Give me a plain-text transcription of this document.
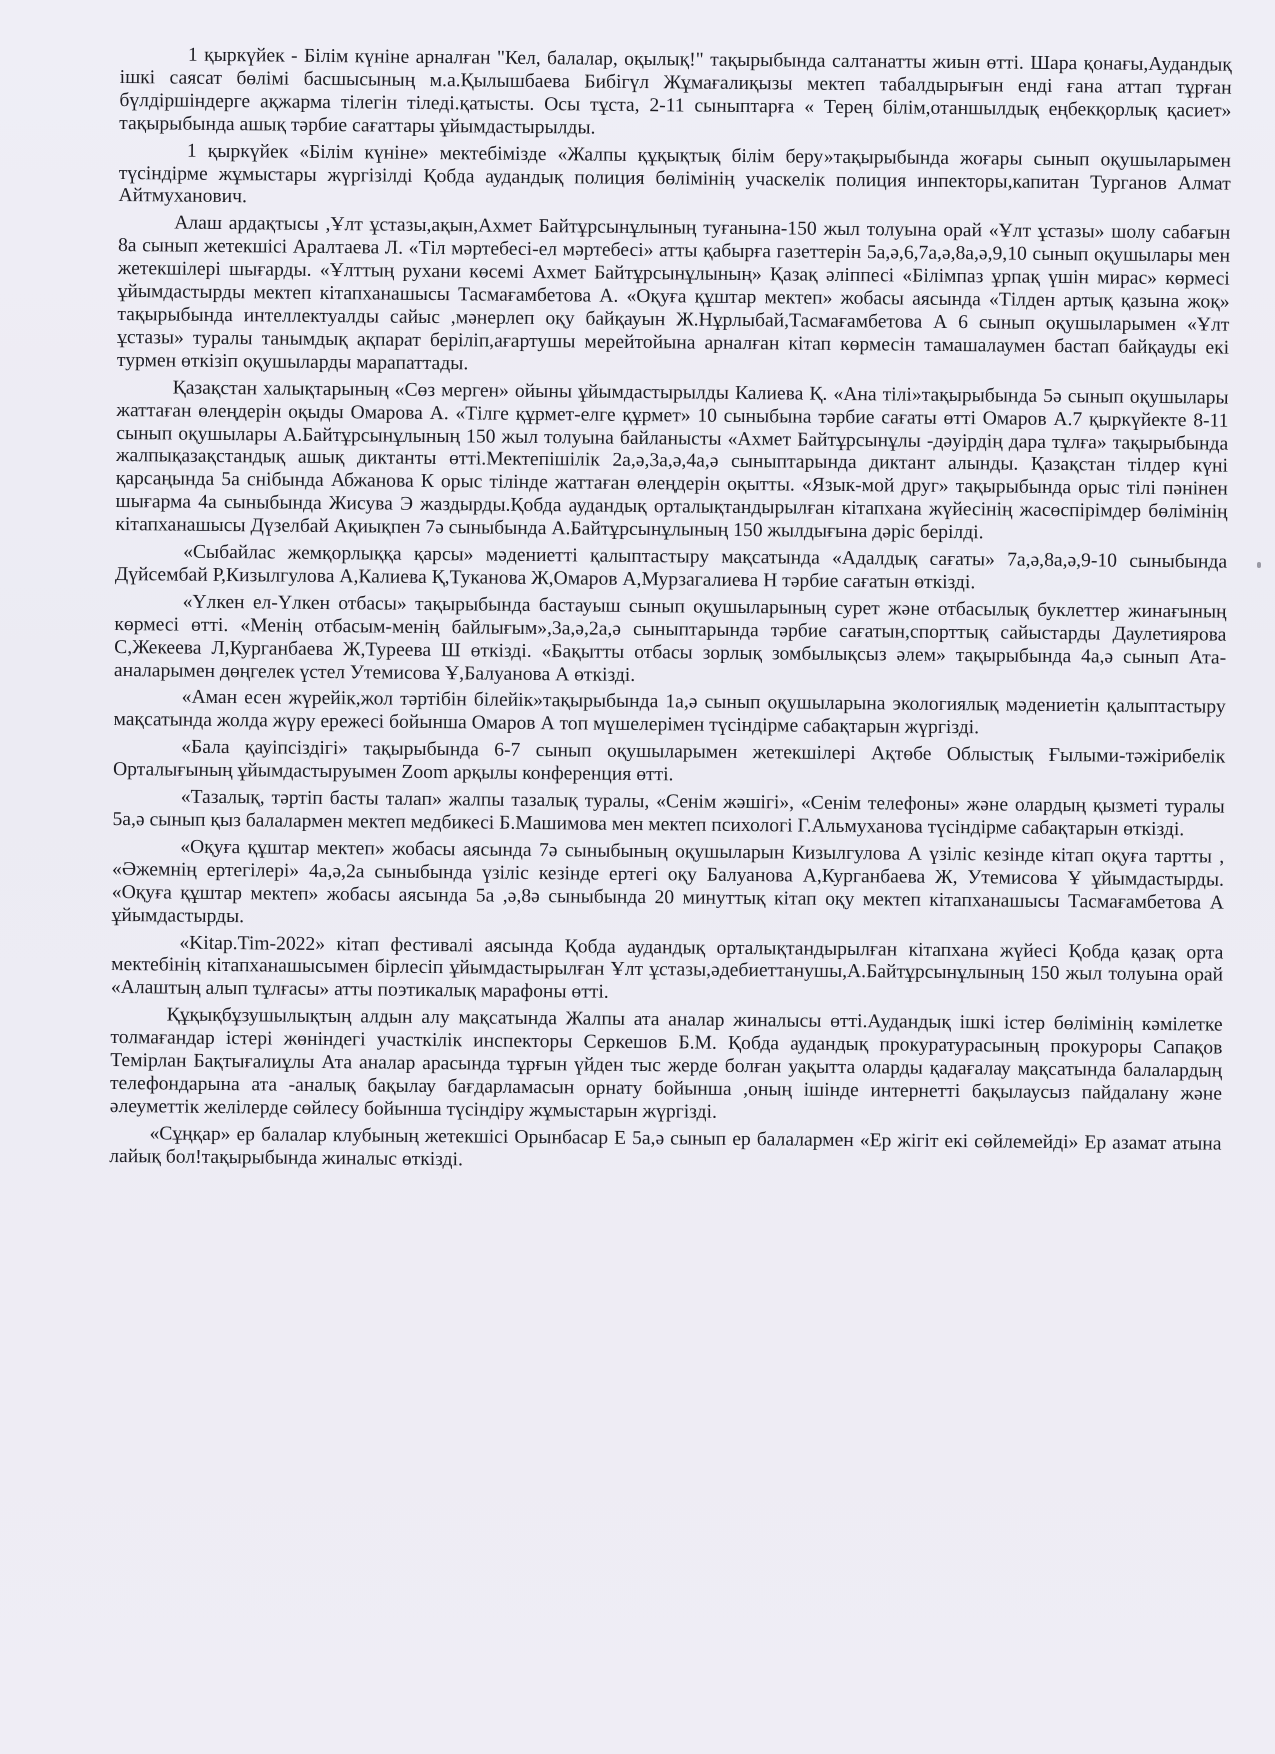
1 қыркүйек - Білім күніне арналған "Кел, балалар, оқылық!" тақырыбында салтанатты жиын өтті. Шара қонағы,Аудандық ішкі саясат бөлімі басшысының м.а.Қылышбаева Бибігүл Жұмағалиқызы мектеп табалдырығын енді ғана аттап тұрған бүлдіршіндерге ақжарма тілегін тіледі.қатысты. Осы тұста, 2-11 сыныптарға « Терең білім,отаншылдық еңбекқорлық қасиет» тақырыбында ашық тәрбие сағаттары ұйымдастырылды.

1 қыркүйек «Білім күніне» мектебімізде «Жалпы құқықтық білім беру»тақырыбында жоғары сынып оқушыларымен түсіндірме жұмыстары жүргізілді Қобда аудандық полиция бөлімінің учаскелік полиция инпекторы,капитан Турганов Алмат Айтмуханович.

Алаш ардақтысы ,Ұлт ұстазы,ақын,Ахмет Байтұрсынұлының туғанына-150 жыл толуына орай «Ұлт ұстазы» шолу сабағын 8а сынып жетекшісі Аралтаева Л. «Тіл мәртебесі-ел мәртебесі» атты қабырға газеттерін 5а,ә,6,7а,ә,8а,ә,9,10 сынып оқушылары мен жетекшілері шығарды. «Ұлттың рухани көсемі Ахмет Байтұрсынұлының» Қазақ әліппесі «Білімпаз ұрпақ үшін мирас» көрмесі ұйымдастырды мектеп кітапханашысы Тасмағамбетова А. «Оқуға құштар мектеп» жобасы аясында «Тілден артық қазына жоқ» тақырыбында интеллектуалды сайыс ,мәнерлеп оқу байқауын Ж.Нұрлыбай,Тасмағамбетова А 6 сынып оқушыларымен «Ұлт ұстазы» туралы танымдық ақпарат беріліп,ағартушы мерейтойына арналған кітап көрмесін тамашалаумен бастап байқауды екі турмен өткізіп оқушыларды марапаттады.

Қазақстан халықтарының «Сөз мерген» ойыны ұйымдастырылды Калиева Қ. «Ана тілі»тақырыбында 5ә сынып оқушылары жаттаған өлеңдерін оқыды Омарова А. «Тілге құрмет-елге құрмет» 10 сыныбына тәрбие сағаты өтті Омаров А.7 қыркүйекте 8-11 сынып оқушылары А.Байтұрсынұлының 150 жыл толуына байланысты «Ахмет Байтұрсынұлы -дәуірдің дара тұлға» тақырыбында жалпықазақстандық ашық диктанты өтті.Мектепішілік 2а,ә,3а,ә,4а,ә сыныптарында диктант алынды. Қазақстан тілдер күні қарсаңында 5а снiбында Абжанова К орыс тілінде жаттаған өлеңдерін оқытты. «Язык-мой друг» тақырыбында орыс тілі пәнінен шығарма 4а сыныбында Жисува Э жаздырды.Қобда аудандық орталықтандырылған кітапхана жүйесінің жасөспірімдер бөлімінің кітапханашысы Дүзелбай Ақиықпен 7ә сыныбында А.Байтұрсынұлының 150 жылдығына дәріс берілді.

«Сыбайлас жемқорлыққа қарсы» мәдениетті қалыптастыру мақсатында «Адалдық сағаты» 7а,ә,8а,ә,9-10 сыныбында Дүйсембай Р,Кизылгулова А,Калиева Қ,Туканова Ж,Омаров А,Мурзагалиева Н тәрбие сағатын өткізді.

«Үлкен ел-Үлкен отбасы» тақырыбында бастауыш сынып оқушыларының сурет және отбасылық буклеттер жинағының көрмесі өтті. «Менің отбасым-менің байлығым»,3а,ә,2а,ә сыныптарында тәрбие сағатын,спорттық сайыстарды Даулетиярова С,Жекеева Л,Курганбаева Ж,Туреева Ш өткізді. «Бақытты отбасы зорлық зомбылықсыз әлем» тақырыбында 4а,ә сынып Ата-аналарымен дөңгелек үстел Утемисова Ұ,Балуанова А өткізді.

«Аман есен жүрейік,жол тәртібін білейік»тақырыбында 1а,ә сынып оқушыларына экологиялық мәдениетін қалыптастыру мақсатында жолда жүру ережесі бойынша Омаров А топ мүшелерімен түсіндірме сабақтарын жүргізді.

«Бала қауіпсіздігі» тақырыбында 6-7 сынып оқушыларымен жетекшілері Ақтөбе Облыстық Ғылыми-тәжірибелік Орталығының ұйымдастыруымен Zoom арқылы конференция өтті.

«Тазалық, тәртіп басты талап» жалпы тазалық туралы, «Сенім жәшігі», «Сенім телефоны» және олардың қызметі туралы 5а,ә сынып қыз балалармен мектеп медбикесі Б.Машимова мен мектеп психологі Г.Альмуханова түсіндірме сабақтарын өткізді.

«Оқуға құштар мектеп» жобасы аясында 7ә сыныбының оқушыларын Кизылгулова А үзіліс кезінде кітап оқуға тартты , «Әжемнің ертегілері» 4а,ә,2а сыныбында үзіліс кезінде ертегі оқу Балуанова А,Курганбаева Ж, Утемисова Ұ ұйымдастырды. «Оқуға құштар мектеп» жобасы аясында 5а ,ә,8ә сыныбында 20 минуттық кітап оқу мектеп кітапханашысы Тасмағамбетова А ұйымдастырды.

«Kitap.Tim-2022» кітап фестивалі аясында Қобда аудандық орталықтандырылған кітапхана жүйесі Қобда қазақ орта мектебінің кітапханашысымен бірлесіп ұйымдастырылған Ұлт ұстазы,әдебиеттанушы,А.Байтұрсынұлының 150 жыл толуына орай «Алаштың алып тұлғасы» атты поэтикалық марафоны өтті.

Құқықбұзушылықтың алдын алу мақсатында Жалпы ата аналар жиналысы өтті.Аудандық ішкі істер бөлімінің кәмілетке толмағандар істері жөніндегі участкілік инспекторы Серкешов Б.М. Қобда аудандық прокуратурасының прокуроры Сапақов Темірлан Бақтығалиұлы Ата аналар арасында тұрғын үйден тыс жерде болған уақытта оларды қадағалау мақсатында балалардың телефондарына ата -аналық бақылау бағдарламасын орнату бойынша ,оның ішінде интернетті бақылаусыз пайдалану және әлеуметтік желілерде сөйлесу бойынша түсіндіру жұмыстарын жүргізді.

«Сұңқар» ер балалар клубының жетекшісі Орынбасар Е 5а,ә сынып ер балалармен «Ер жігіт екі сөйлемейді» Ер азамат атына лайық бол!тақырыбында жиналыс өткізді.
